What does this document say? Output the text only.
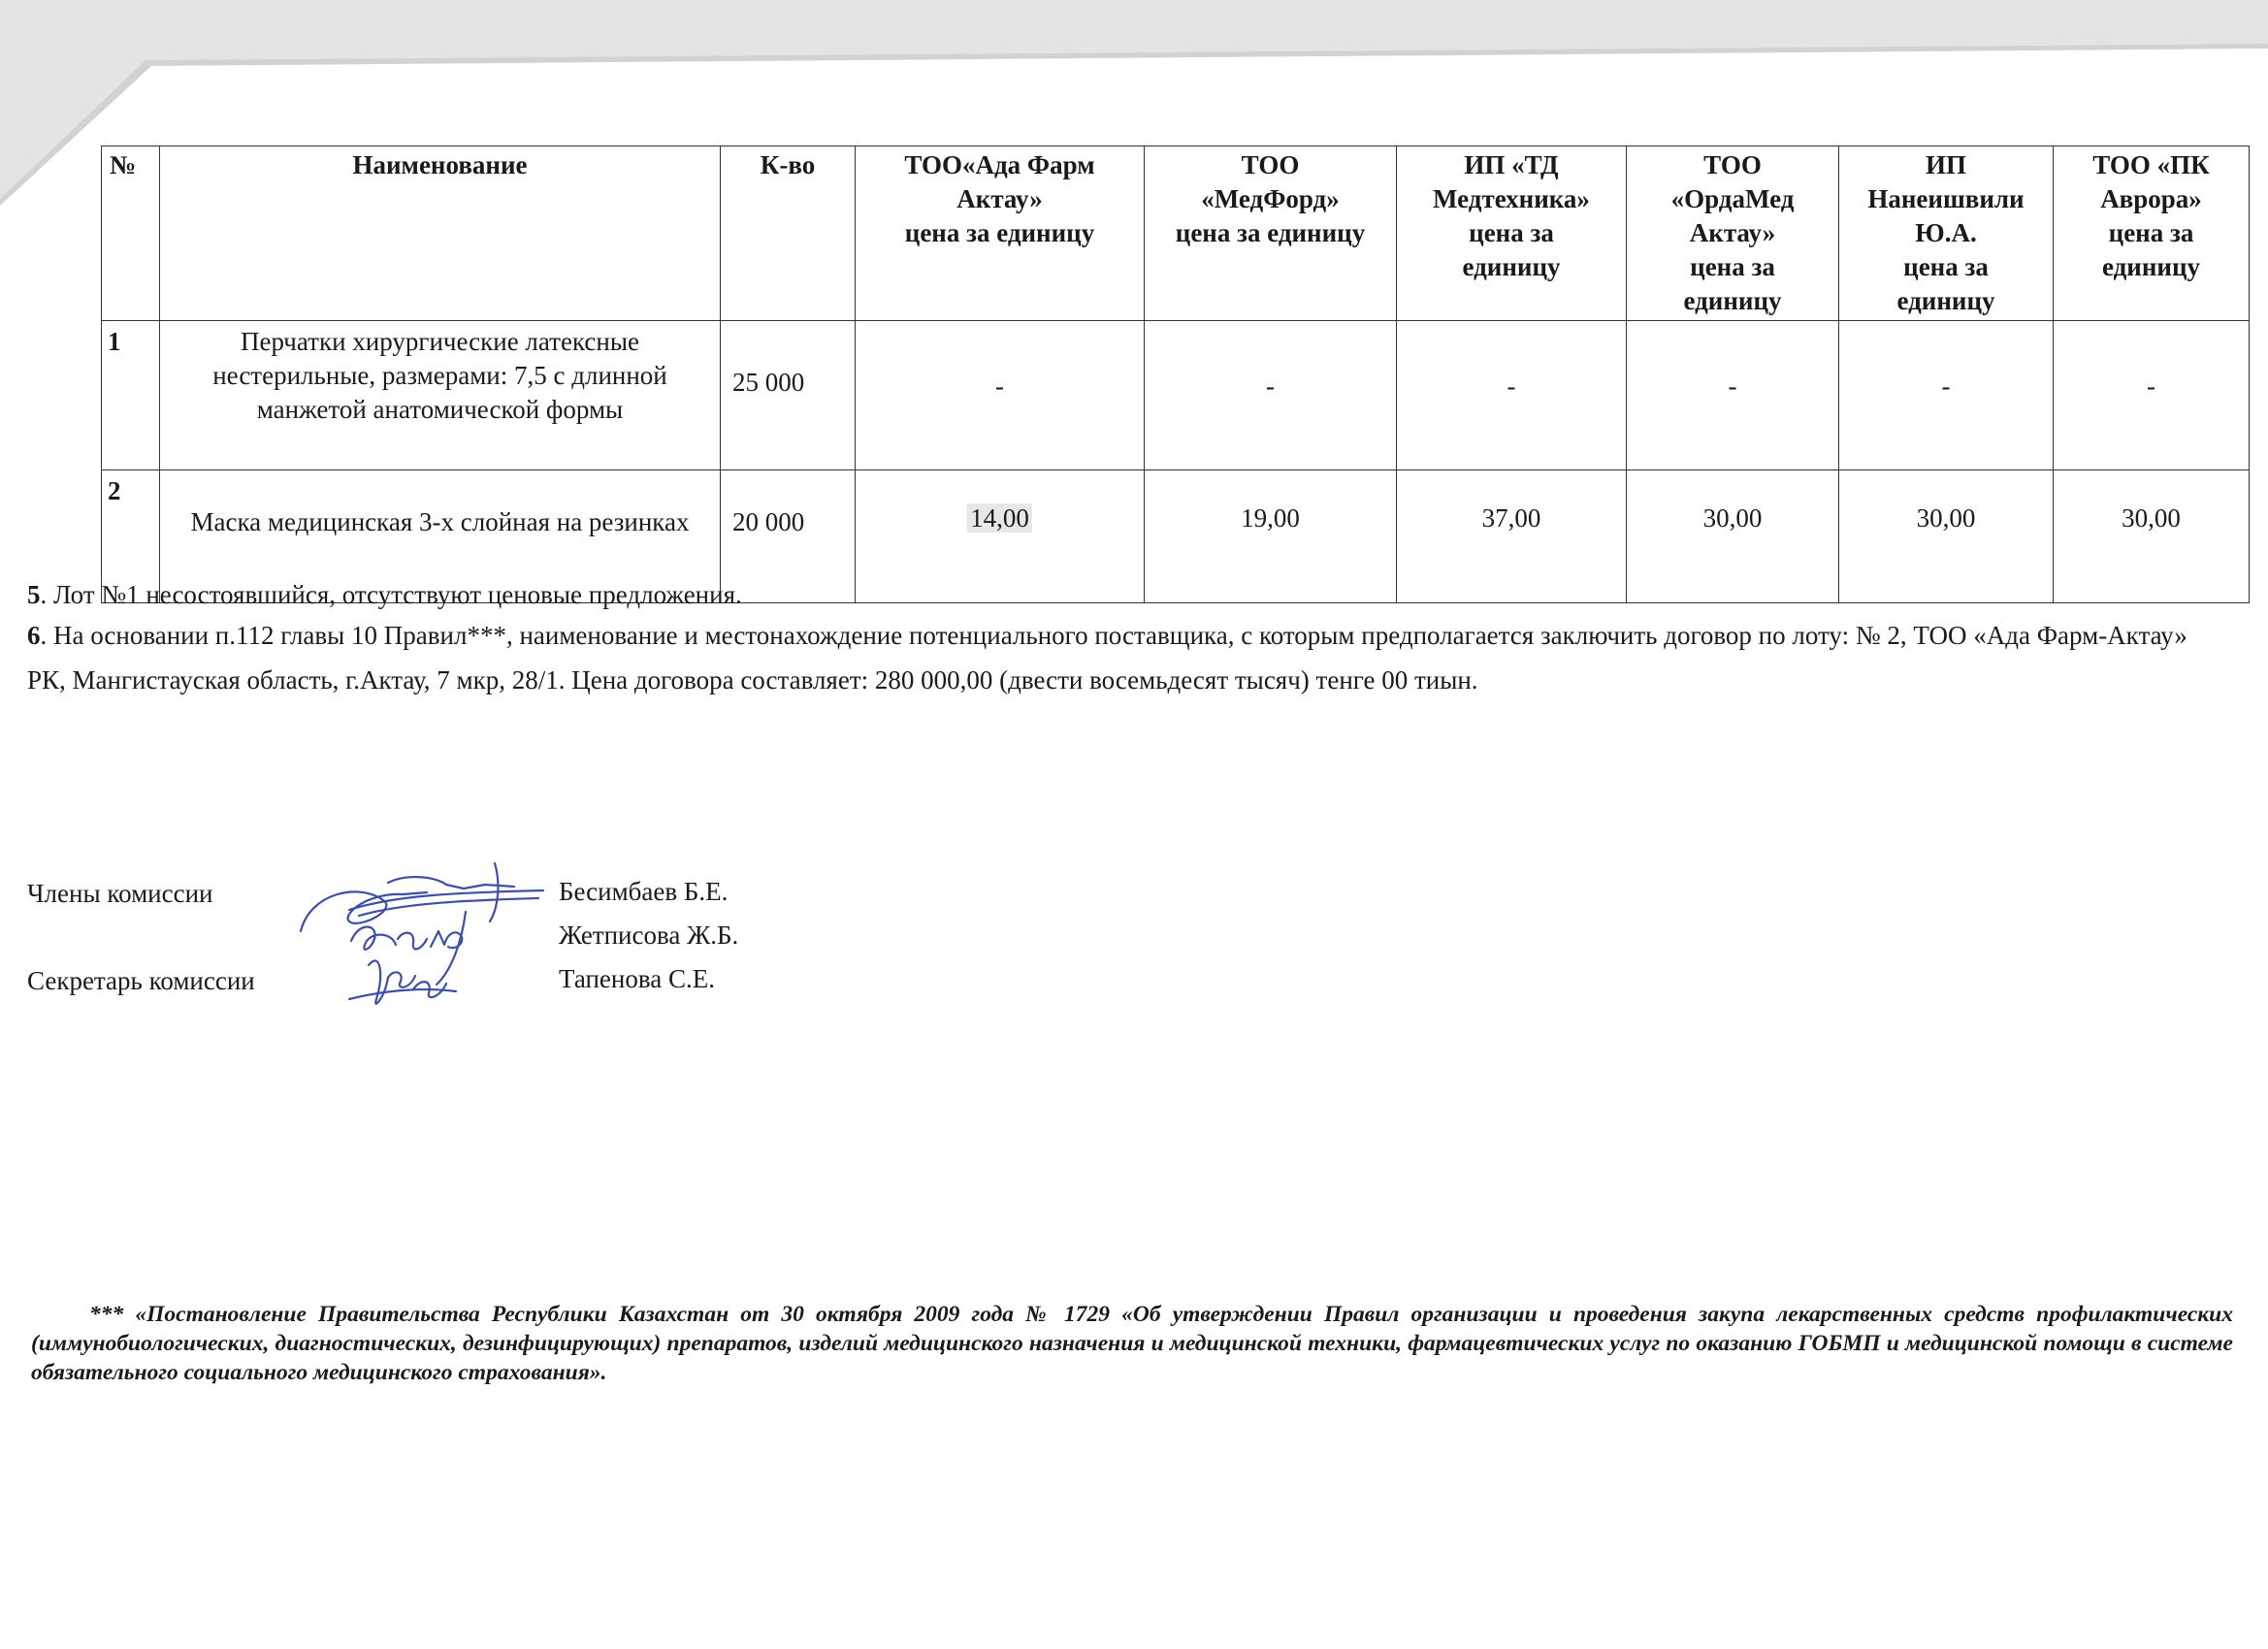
№	Наименование	К-во	ТОО«Ада Фарм
Актау»
цена за единицу	ТОО
«МедФорд»
цена за единицу	ИП «ТД
Медтехника»
цена за
единицу	ТОО
«ОрдаМед
Актау»
цена за
единицу	ИП
Нанеишвили
Ю.А.
цена за
единицу	ТОО «ПК
Аврора»
цена за
единицу
1	Перчатки хирургические латексные нестерильные, размерами: 7,5 с длинной манжетой анатомической формы	25 000	-	-	-	-	-	-
2	Маска медицинская 3-х слойная на резинках	20 000	14,00	19,00	37,00	30,00	30,00	30,00
5. Лот №1 несостоявшийся, отсутствуют ценовые предложения.
6. На основании п.112 главы 10 Правил***, наименование и местонахождение потенциального поставщика, с которым предполагается заключить договор по лоту: № 2, ТОО «Ада Фарм-Актау» РК, Мангистауская область, г.Актау, 7 мкр, 28/1. Цена договора составляет: 280 000,00 (двести восемьдесят тысяч) тенге 00 тиын.
Члены комиссии
Секретарь комиссии
Бесимбаев Б.Е.
Жетписова Ж.Б.
Тапенова С.Е.
*** «Постановление Правительства Республики Казахстан от 30 октября 2009 года № 1729 «Об утверждении Правил организации и проведения закупа лекарственных средств профилактических (иммунобиологических, диагностических, дезинфицирующих) препаратов, изделий медицинского назначения и медицинской техники, фармацевтических услуг по оказанию ГОБМП и медицинской помощи в системе обязательного социального медицинского страхования».
